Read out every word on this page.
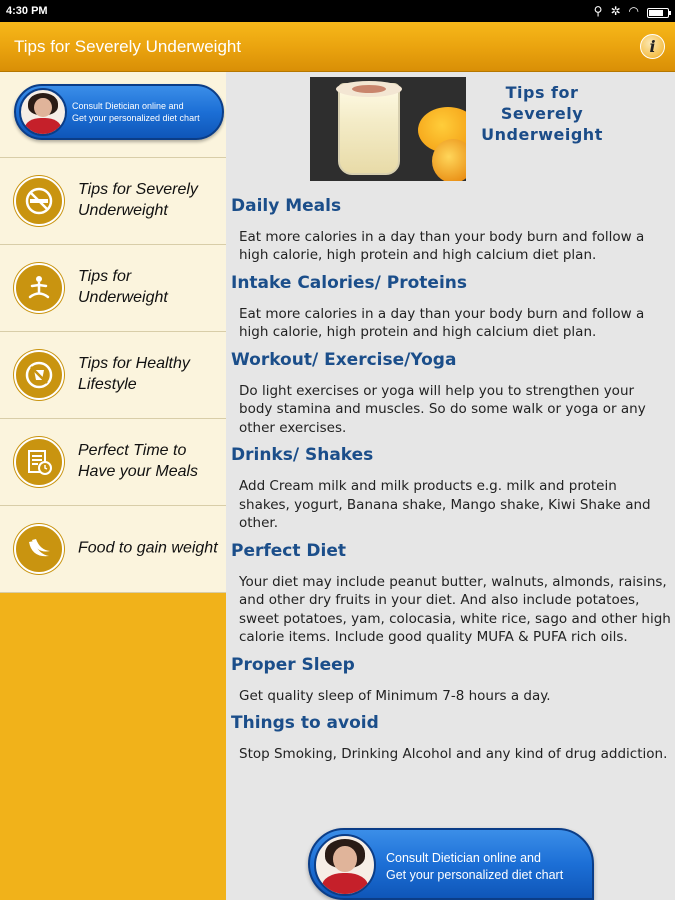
4:30 PM	⚲ ✲ ◠
Tips for Severely Underweight	i
Consult Dietician online and
Get your personalized diet chart
Tips for Severely Underweight
Tips for Underweight
Tips for Healthy Lifestyle
Perfect Time to Have your Meals
Food to gain weight
Tips for Severely
Underweight
Daily Meals
Eat more calories in a day than your body burn and follow a high calorie, high protein and high calcium diet plan.
Intake Calories/ Proteins
Eat more calories in a day than your body burn and follow a high calorie, high protein and high calcium diet plan.
Workout/ Exercise/Yoga
Do light exercises or yoga will help you to strengthen your body stamina and muscles. So do some walk or yoga or any other exercises.
Drinks/ Shakes
Add Cream milk and milk products e.g. milk and protein shakes, yogurt, Banana shake, Mango shake, Kiwi Shake and other.
Perfect Diet
Your diet may include peanut butter, walnuts, almonds, raisins, and other dry fruits in your diet. And also include potatoes, sweet potatoes, yam, colocasia, white rice, sago and other high calorie items. Include good quality MUFA & PUFA rich oils.
Proper Sleep
Get quality sleep of Minimum 7-8 hours a day.
Things to avoid
Stop Smoking, Drinking Alcohol and any kind of drug addiction.
Consult Dietician online and
Get your personalized diet chart
